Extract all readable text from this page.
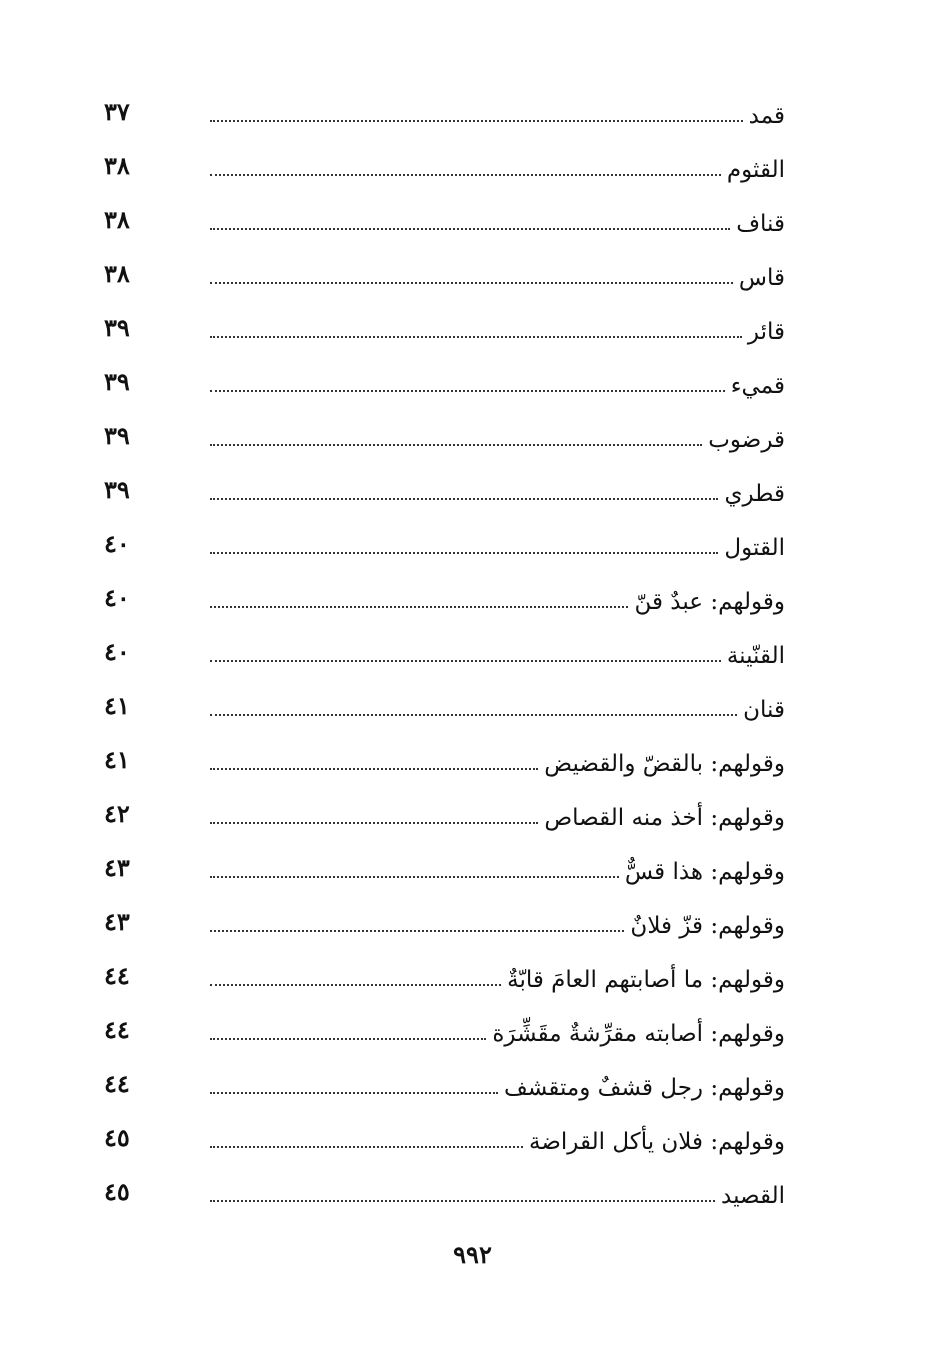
٣٧	قمد
٣٨	القثوم
٣٨	قناف
٣٨	قاس
٣٩	قائر
٣٩	قميء
٣٩	قرضوب
٣٩	قطري
٤٠	القتول
٤٠	وقولهم: عبدٌ قنّ
٤٠	القنّينة
٤١	قنان
٤١	وقولهم: بالقضّ والقضيض
٤٢	وقولهم: أخذ منه القصاص
٤٣	وقولهم: هذا قسٌّ
٤٣	وقولهم: قزّ فلانٌ
٤٤	وقولهم: ما أصابتهم العامَ قابّةٌ
٤٤	وقولهم: أصابته مقرِّشةٌ مقَشِّرَة
٤٤	وقولهم: رجل قشفٌ ومتقشف
٤٥	وقولهم: فلان يأكل القراضة
٤٥	القصيد
٩٩٢
